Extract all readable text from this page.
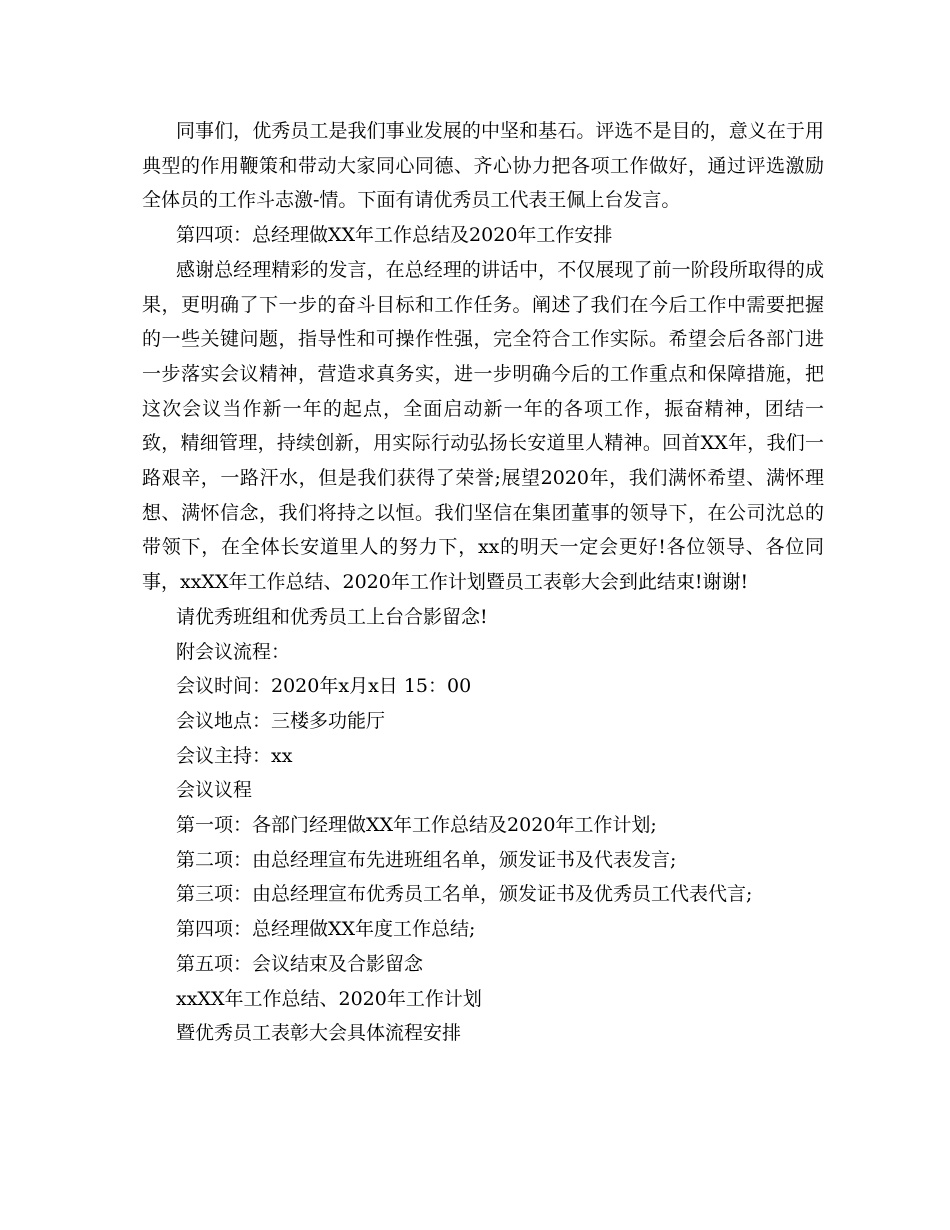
同事们，优秀员工是我们事业发展的中坚和基石。评选不是目的，意义在于用典型的作用鞭策和带动大家同心同德、齐心协力把各项工作做好，通过评选激励全体员的工作斗志激-情。下面有请优秀员工代表王佩上台发言。

第四项：总经理做XX年工作总结及2020年工作安排

感谢总经理精彩的发言，在总经理的讲话中，不仅展现了前一阶段所取得的成果，更明确了下一步的奋斗目标和工作任务。阐述了我们在今后工作中需要把握的一些关键问题，指导性和可操作性强，完全符合工作实际。希望会后各部门进一步落实会议精神，营造求真务实，进一步明确今后的工作重点和保障措施，把这次会议当作新一年的起点，全面启动新一年的各项工作，振奋精神，团结一致，精细管理，持续创新，用实际行动弘扬长安道里人精神。回首XX年，我们一路艰辛，一路汗水，但是我们获得了荣誉;展望2020年，我们满怀希望、满怀理想、满怀信念，我们将持之以恒。我们坚信在集团董事的领导下，在公司沈总的带领下，在全体长安道里人的努力下，xx的明天一定会更好!各位领导、各位同事，xxXX年工作总结、2020年工作计划暨员工表彰大会到此结束!谢谢!

请优秀班组和优秀员工上台合影留念!

附会议流程：

会议时间：2020年x月x日 15：00

会议地点：三楼多功能厅

会议主持：xx

会议议程

第一项：各部门经理做XX年工作总结及2020年工作计划;

第二项：由总经理宣布先进班组名单，颁发证书及代表发言;

第三项：由总经理宣布优秀员工名单，颁发证书及优秀员工代表代言;

第四项：总经理做XX年度工作总结;

第五项：会议结束及合影留念

xxXX年工作总结、2020年工作计划

暨优秀员工表彰大会具体流程安排
